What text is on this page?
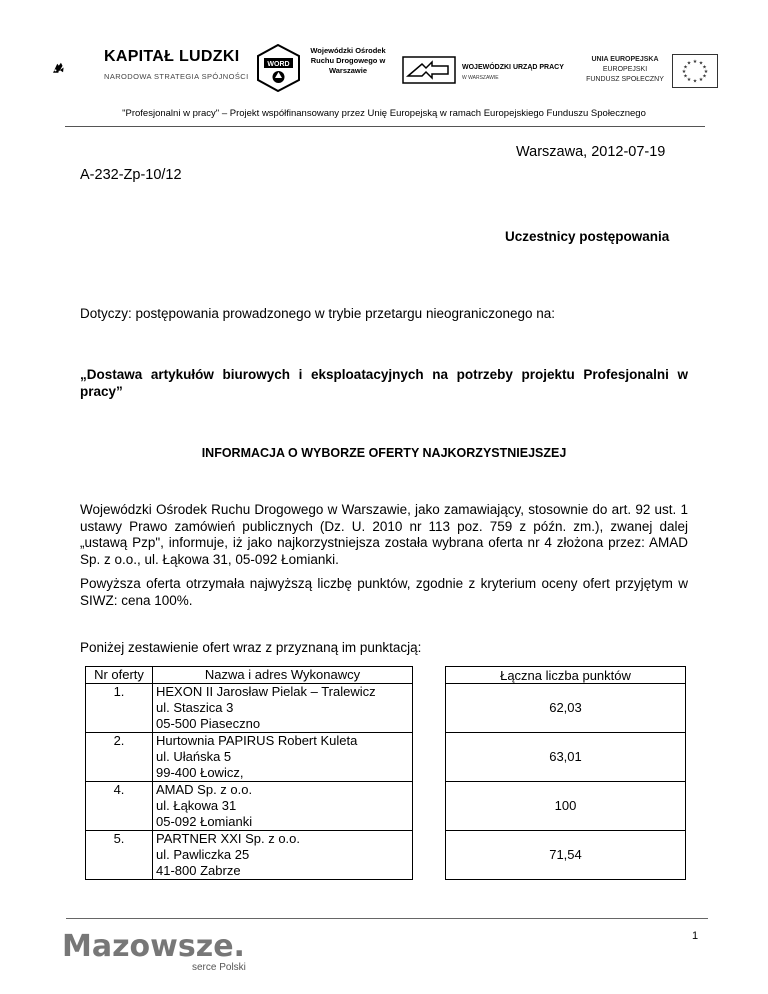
KAPITAŁ LUDZKI
NARODOWA STRATEGIA SPÓJNOŚCI
WORD
Wojewódzki Ośrodek Ruchu Drogowego w Warszawie	WOJEWÓDZKI URZĄD PRACY
W WARSZAWIE
UNIA EUROPEJSKA
EUROPEJSKI
FUNDUSZ SPOŁECZNY
★ ★
★
★
★
★
★
★
★
★
★
★
"Profesjonalni w pracy" – Projekt współfinansowany przez Unię Europejską w ramach Europejskiego Funduszu Społecznego
Warszawa, 2012-07-19
A-232-Zp-10/12
Uczestnicy postępowania
Dotyczy: postępowania prowadzonego w trybie przetargu nieograniczonego na:
„Dostawa artykułów biurowych i eksploatacyjnych na potrzeby projektu Profesjonalni w pracy”
INFORMACJA O WYBORZE OFERTY NAJKORZYSTNIEJSZEJ
Wojewódzki Ośrodek Ruchu Drogowego w Warszawie, jako zamawiający, stosownie do art. 92 ust. 1 ustawy Prawo zamówień publicznych (Dz. U. 2010 nr 113 poz. 759 z późn. zm.), zwanej dalej „ustawą Pzp", informuje, iż jako najkorzystniejsza została wybrana oferta nr 4 złożona przez: AMAD Sp. z o.o., ul. Łąkowa 31, 05-092 Łomianki.
Powyższa oferta otrzymała najwyższą liczbę punktów, zgodnie z kryterium oceny ofert przyjętym w SIWZ: cena 100%.
Poniżej zestawienie ofert wraz z przyznaną im punktacją:
Nr oferty	Nazwa i adres Wykonawcy		Łączna liczba punktów
1.	HEXON II Jarosław Pielak – Tralewicz
ul. Staszica 3
05-500 Piaseczno		62,03
2.	Hurtownia PAPIRUS Robert Kuleta
ul. Ułańska 5
99-400 Łowicz,		63,01
4.	AMAD Sp. z o.o.
ul. Łąkowa 31
05-092 Łomianki		100
5.	PARTNER XXI Sp. z o.o.
ul. Pawliczka 25
41-800 Zabrze		71,54
Mazowsze.
serce Polski
1
